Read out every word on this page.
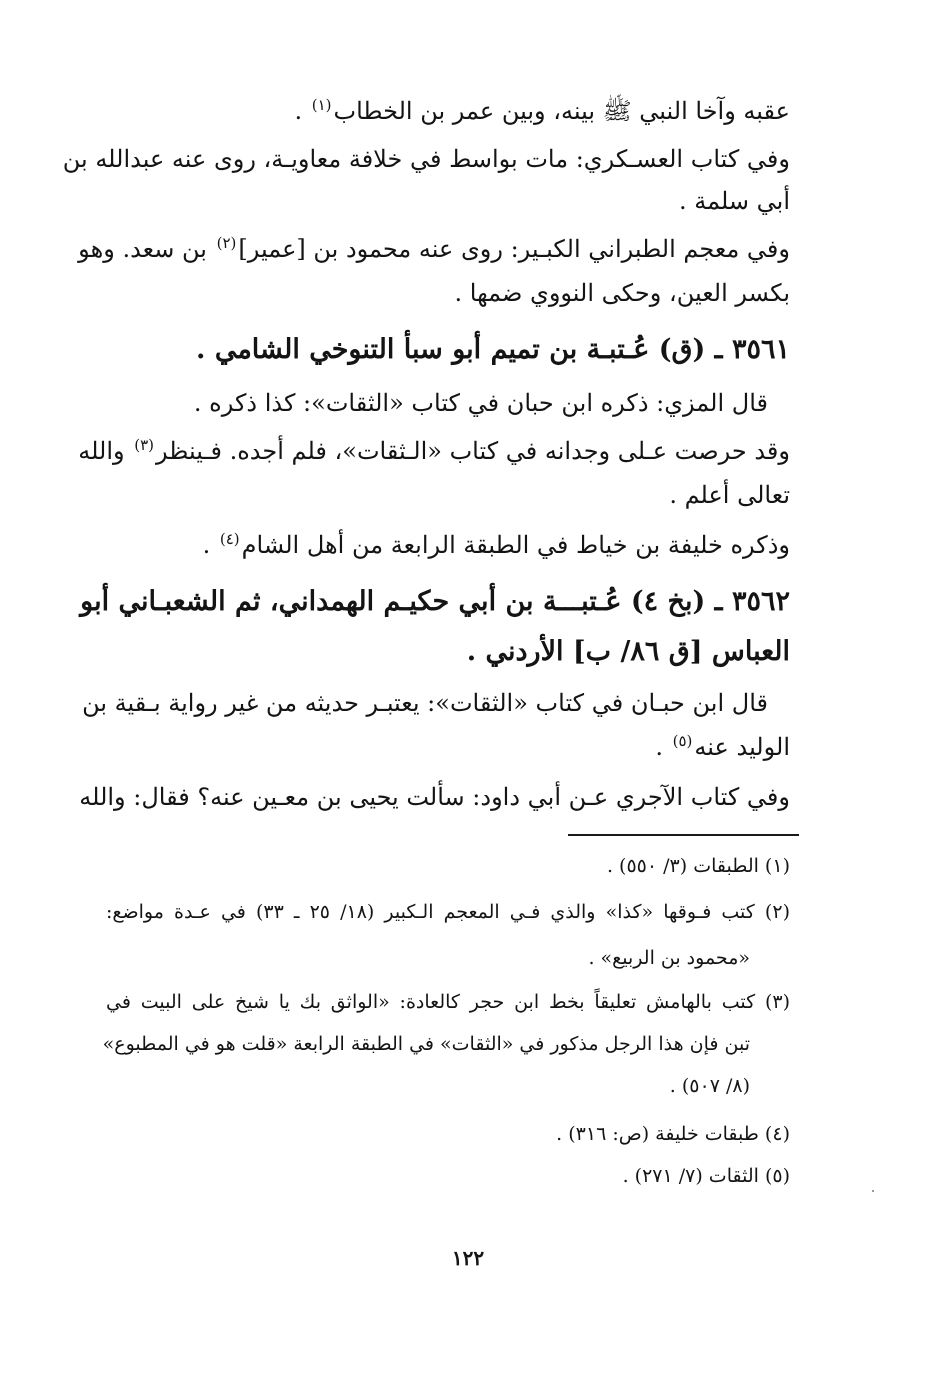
عقبه وآخا النبي ﷺ بينه، وبين عمر بن الخطاب$^{(١)}$ .
وفي كتاب العسـكري: مات بواسط في خلافة معاويـة، روى عنه عبدالله بن
أبي سلمة .
وفي معجم الطبراني الكبـير: روى عنه محمود بن [عمير]$^{(٢)}$ بن سعد. وهو
بكسر العين، وحكى النووي ضمها .
٣٥٦١ ـ (ق) عُـتبـة بن تميم أبو سبأ التنوخي الشامي .
قال المزي: ذكره ابن حبان في كتاب «الثقات»: كذا ذكره .
وقد حرصت عـلى وجدانه في كتاب «الـثقات»، فلم أجده. فـينظر$^{(٣)}$ والله
تعالى أعلم .
وذكره خليفة بن خياط في الطبقة الرابعة من أهل الشام$^{(٤)}$ .
٣٥٦٢ ـ (بخ ٤) عُـتبـــة بن أبي حكيـم الهمداني، ثم الشعبـاني أبو
العباس [ق ٨٦/ ب] الأردني .
قال ابن حبـان في كتاب «الثقات»: يعتبـر حديثه من غير رواية بـقية بن
الوليد عنه$^{(٥)}$ .
وفي كتاب الآجري عـن أبي داود: سألت يحيى بن معـين عنه؟ فقال: والله
(١) الطبقات (٣/ ٥٥٠) .
(٢) كتب فـوقها «كذا» والذي فـي المعجم الـكبير (١٨/ ٢٥ ـ ٣٣) في عـدة مواضع:
«محمود بن الربيع» .
(٣) كتب بالهامش تعليقاً بخط ابن حجر كالعادة: «الواثق بك يا شيخ على البيت في
تبن فإن هذا الرجل مذكور في «الثقات» في الطبقة الرابعة «قلت هو في المطبوع»
(٨/ ٥٠٧) .
(٤) طبقات خليفة (ص: ٣١٦) .
(٥) الثقات (٧/ ٢٧١) .
١٢٢
